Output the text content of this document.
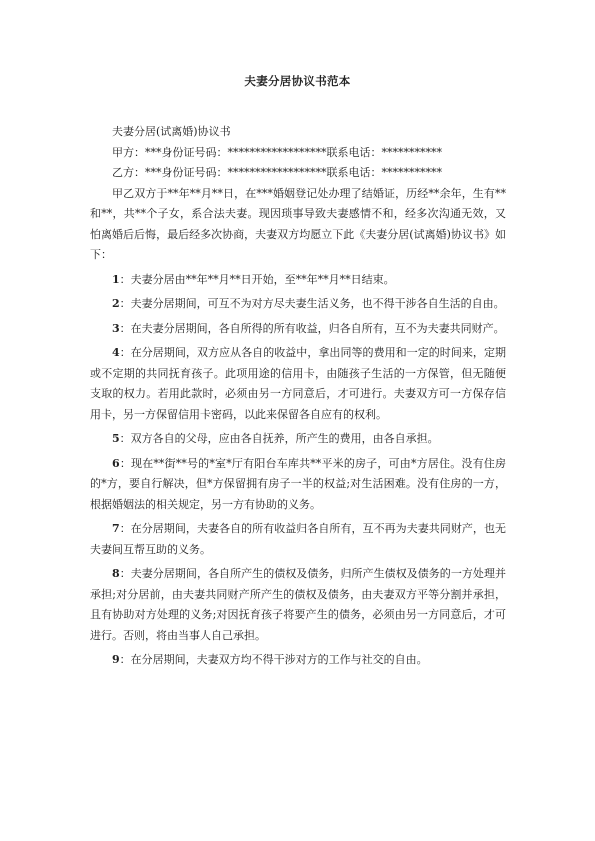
夫妻分居协议书范本

夫妻分居(试离婚)协议书

甲方：***身份证号码：******************联系电话：***********

乙方：***身份证号码：******************联系电话：***********

甲乙双方于**年**月**日，在***婚姻登记处办理了结婚证，历经**余年，生有**和**，共**个子女，系合法夫妻。现因琐事导致夫妻感情不和，经多次沟通无效，又怕离婚后后悔，最后经多次协商，夫妻双方均愿立下此《夫妻分居(试离婚)协议书》如下：

1：夫妻分居由**年**月**日开始，至**年**月**日结束。

2：夫妻分居期间，可互不为对方尽夫妻生活义务，也不得干涉各自生活的自由。

3：在夫妻分居期间，各自所得的所有收益，归各自所有，互不为夫妻共同财产。

4：在分居期间，双方应从各自的收益中，拿出同等的费用和一定的时间来，定期或不定期的共同抚育孩子。此项用途的信用卡，由随孩子生活的一方保管，但无随便支取的权力。若用此款时，必须由另一方同意后，才可进行。夫妻双方可一方保存信用卡，另一方保留信用卡密码，以此来保留各自应有的权利。

5：双方各自的父母，应由各自抚养，所产生的费用，由各自承担。

6：现在**街**号的*室*厅有阳台车库共**平米的房子，可由*方居住。没有住房的*方，要自行解决，但*方保留拥有房子一半的权益;对生活困难。没有住房的一方，根据婚姻法的相关规定，另一方有协助的义务。

7：在分居期间，夫妻各自的所有收益归各自所有，互不再为夫妻共同财产，也无夫妻间互帮互助的义务。

8：夫妻分居期间，各自所产生的债权及债务，归所产生债权及债务的一方处理并承担;对分居前，由夫妻共同财产所产生的债权及债务，由夫妻双方平等分割并承担，且有协助对方处理的义务;对因抚育孩子将要产生的债务，必须由另一方同意后，才可进行。否则，将由当事人自己承担。

9：在分居期间，夫妻双方均不得干涉对方的工作与社交的自由。
